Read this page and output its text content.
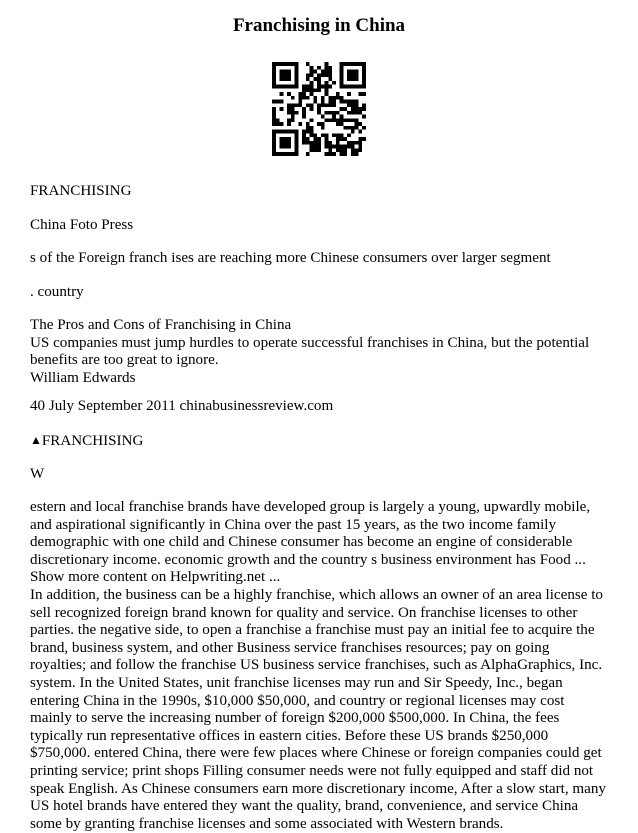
Franchising in China
FRANCHISING
China Foto Press
s of the Foreign franch ises are reaching more Chinese consumers over larger segment
. country
The Pros and Cons of Franchising in China
US companies must jump hurdles to operate successful franchises in China, but the potential benefits are too great to ignore.
William Edwards
40 July September 2011 chinabusinessreview.com
▲FRANCHISING
W
estern and local franchise brands have developed group is largely a young, upwardly mobile, and aspirational significantly in China over the past 15 years, as the two income family demographic with one child and Chinese consumer has become an engine of considerable discretionary income. economic growth and the country s business environment has Food ... Show more content on Helpwriting.net ...
In addition, the business can be a highly franchise, which allows an owner of an area license to sell recognized foreign brand known for quality and service. On franchise licenses to other parties. the negative side, to open a franchise a franchise must pay an initial fee to acquire the brand, business system, and other Business service franchises resources; pay on going royalties; and follow the franchise US business service franchises, such as AlphaGraphics, Inc. system. In the United States, unit franchise licenses may run and Sir Speedy, Inc., began entering China in the 1990s, $10,000 $50,000, and country or regional licenses may cost mainly to serve the increasing number of foreign $200,000 $500,000. In China, the fees typically run representative offices in eastern cities. Before these US brands $250,000 $750,000. entered China, there were few places where Chinese or foreign companies could get printing service; print shops Filling consumer needs were not fully equipped and staff did not speak English. As Chinese consumers earn more discretionary income, After a slow start, many US hotel brands have entered they want the quality, brand, convenience, and service China some by granting franchise licenses and some associated with Western brands.
